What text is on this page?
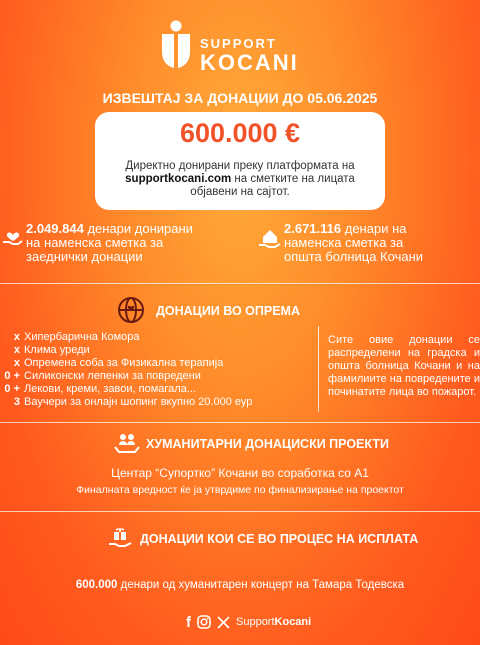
SUPPORT
KOCANI
ИЗВЕШТАЈ ЗА ДОНАЦИИ ДО 05.06.2025
600.000 €
Директно донирани преку платформата на
supportkocani.com на сметките на лицата
објавени на сајтот.
2.049.844 денари донирани
на наменска сметка за
заеднички донации
2.671.116 денари на
наменска сметка за
општа болница Кочани
ДОНАЦИИ ВО ОПРЕМА
x Хипербарична Комора
x Клима уреди
x Опремена соба за Физикална терапија
0 + Силиконски лепенки за повредени
0 + Лекови, креми, завои, помагала...
3 Ваучери за онлајн шопинг вкупно 20.000 еур
Сите овие донации се распределени на градска и општа болница Кочани и на фамилиите на повредените и починатите лица во пожарот.
ХУМАНИТАРНИ ДОНАЦИСКИ ПРОЕКТИ
Центар “Супортко” Кочани во соработка со А1
Финалната вредност ќе ја утврдиме по финализирање на проектот
ДОНАЦИИ КОИ СЕ ВО ПРОЦЕС НА ИСПЛАТА
600.000 денари од хуманитарен концерт на Тамара Тодевска
f	SupportKocani
